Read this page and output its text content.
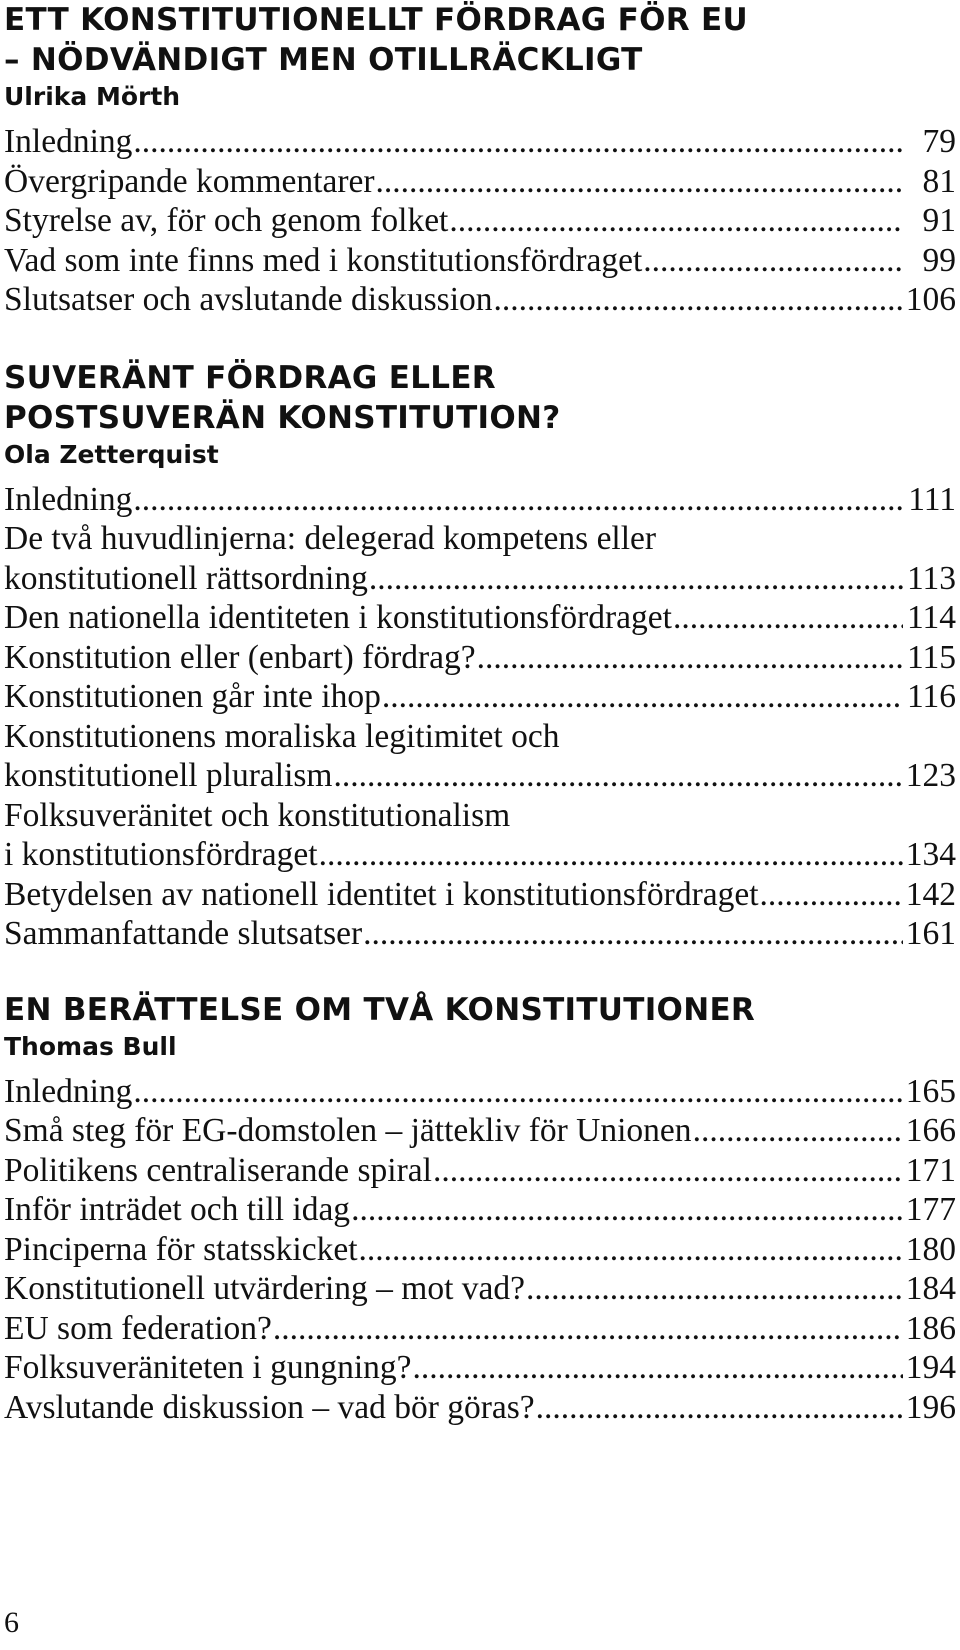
ETT KONSTITUTIONELLT FÖRDRAG FÖR EU
– NÖDVÄNDIGT MEN OTILLRÄCKLIGT
Ulrika Mörth
Inledning .....	79
Övergripande kommentarer .....	81
Styrelse av, för och genom folket .....	91
Vad som inte finns med i konstitutionsfördraget .....	99
Slutsatser och avslutande diskussion .....	106
SUVERÄNT FÖRDRAG ELLER
POSTSUVERÄN KONSTITUTION?
Ola Zetterquist
Inledning .....	111
De två huvudlinjerna: delegerad kompetens eller
konstitutionell rättsordning .....	113
Den nationella identiteten i konstitutionsfördraget .....	114
Konstitution eller (enbart) fördrag? .....	115
Konstitutionen går inte ihop .....	116
Konstitutionens moraliska legitimitet och
konstitutionell pluralism .....	123
Folksuveränitet och konstitutionalism
i konstitutionsfördraget .....	134
Betydelsen av nationell identitet i konstitutionsfördraget .....	142
Sammanfattande slutsatser .....	161
EN BERÄTTELSE OM TVÅ KONSTITUTIONER
Thomas Bull
Inledning .....	165
Små steg för EG-domstolen – jättekliv för Unionen .....	166
Politikens centraliserande spiral .....	171
Inför inträdet och till idag .....	177
Pinciperna för statsskicket .....	180
Konstitutionell utvärdering – mot vad? .....	184
EU som federation? .....	186
Folksuveräniteten i gungning? .....	194
Avslutande diskussion – vad bör göras? .....	196
6
